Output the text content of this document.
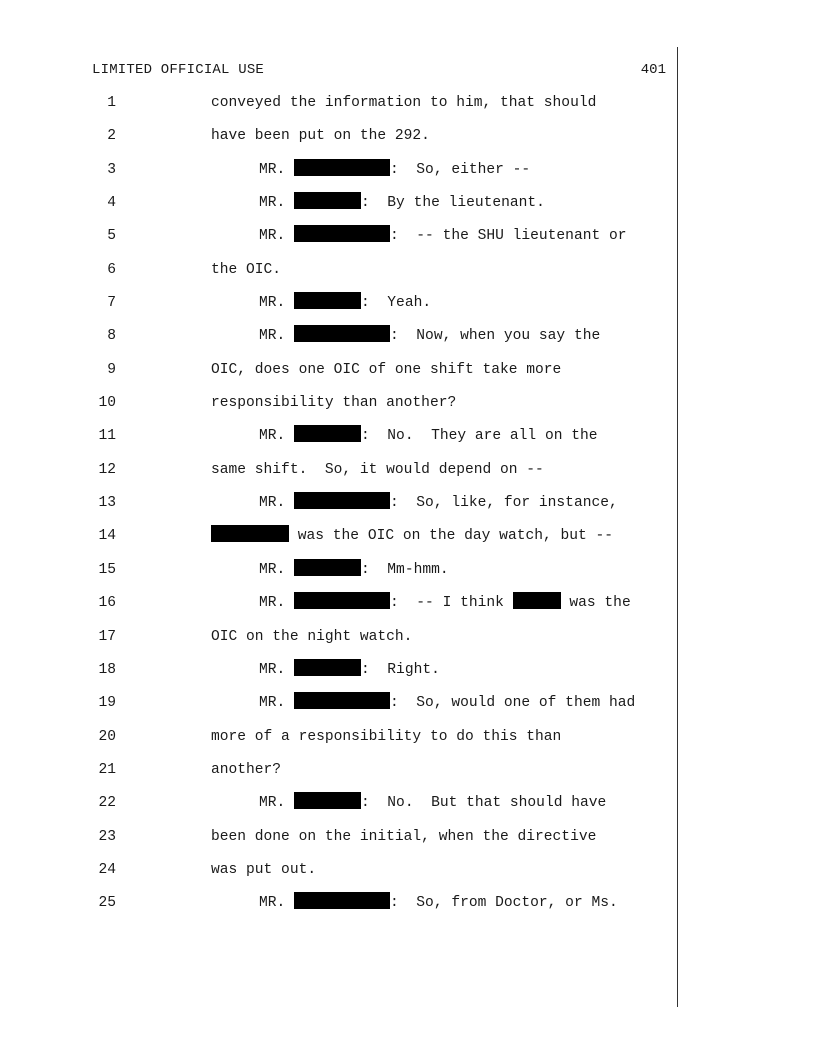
LIMITED OFFICIAL USE	401
1	conveyed the information to him, that should
2	have been put on the 292.
3	MR.	:  So, either --
4	MR.	:  By the lieutenant.
5	MR.	:  -- the SHU lieutenant or
6	the OIC.
7	MR.	:  Yeah.
8	MR.	:  Now, when you say the
9	OIC, does one OIC of one shift take more
10	responsibility than another?
11	MR.	:  No.  They are all on the
12	same shift.  So, it would depend on --
13	MR.	:  So, like, for instance,
14	was the OIC on the day watch, but --
15	MR.	:  Mm-hmm.
16	MR.	:  -- I think	was the
17	OIC on the night watch.
18	MR.	:  Right.
19	MR.	:  So, would one of them had
20	more of a responsibility to do this than
21	another?
22	MR.	:  No.  But that should have
23	been done on the initial, when the directive
24	was put out.
25	MR.	:  So, from Doctor, or Ms.
